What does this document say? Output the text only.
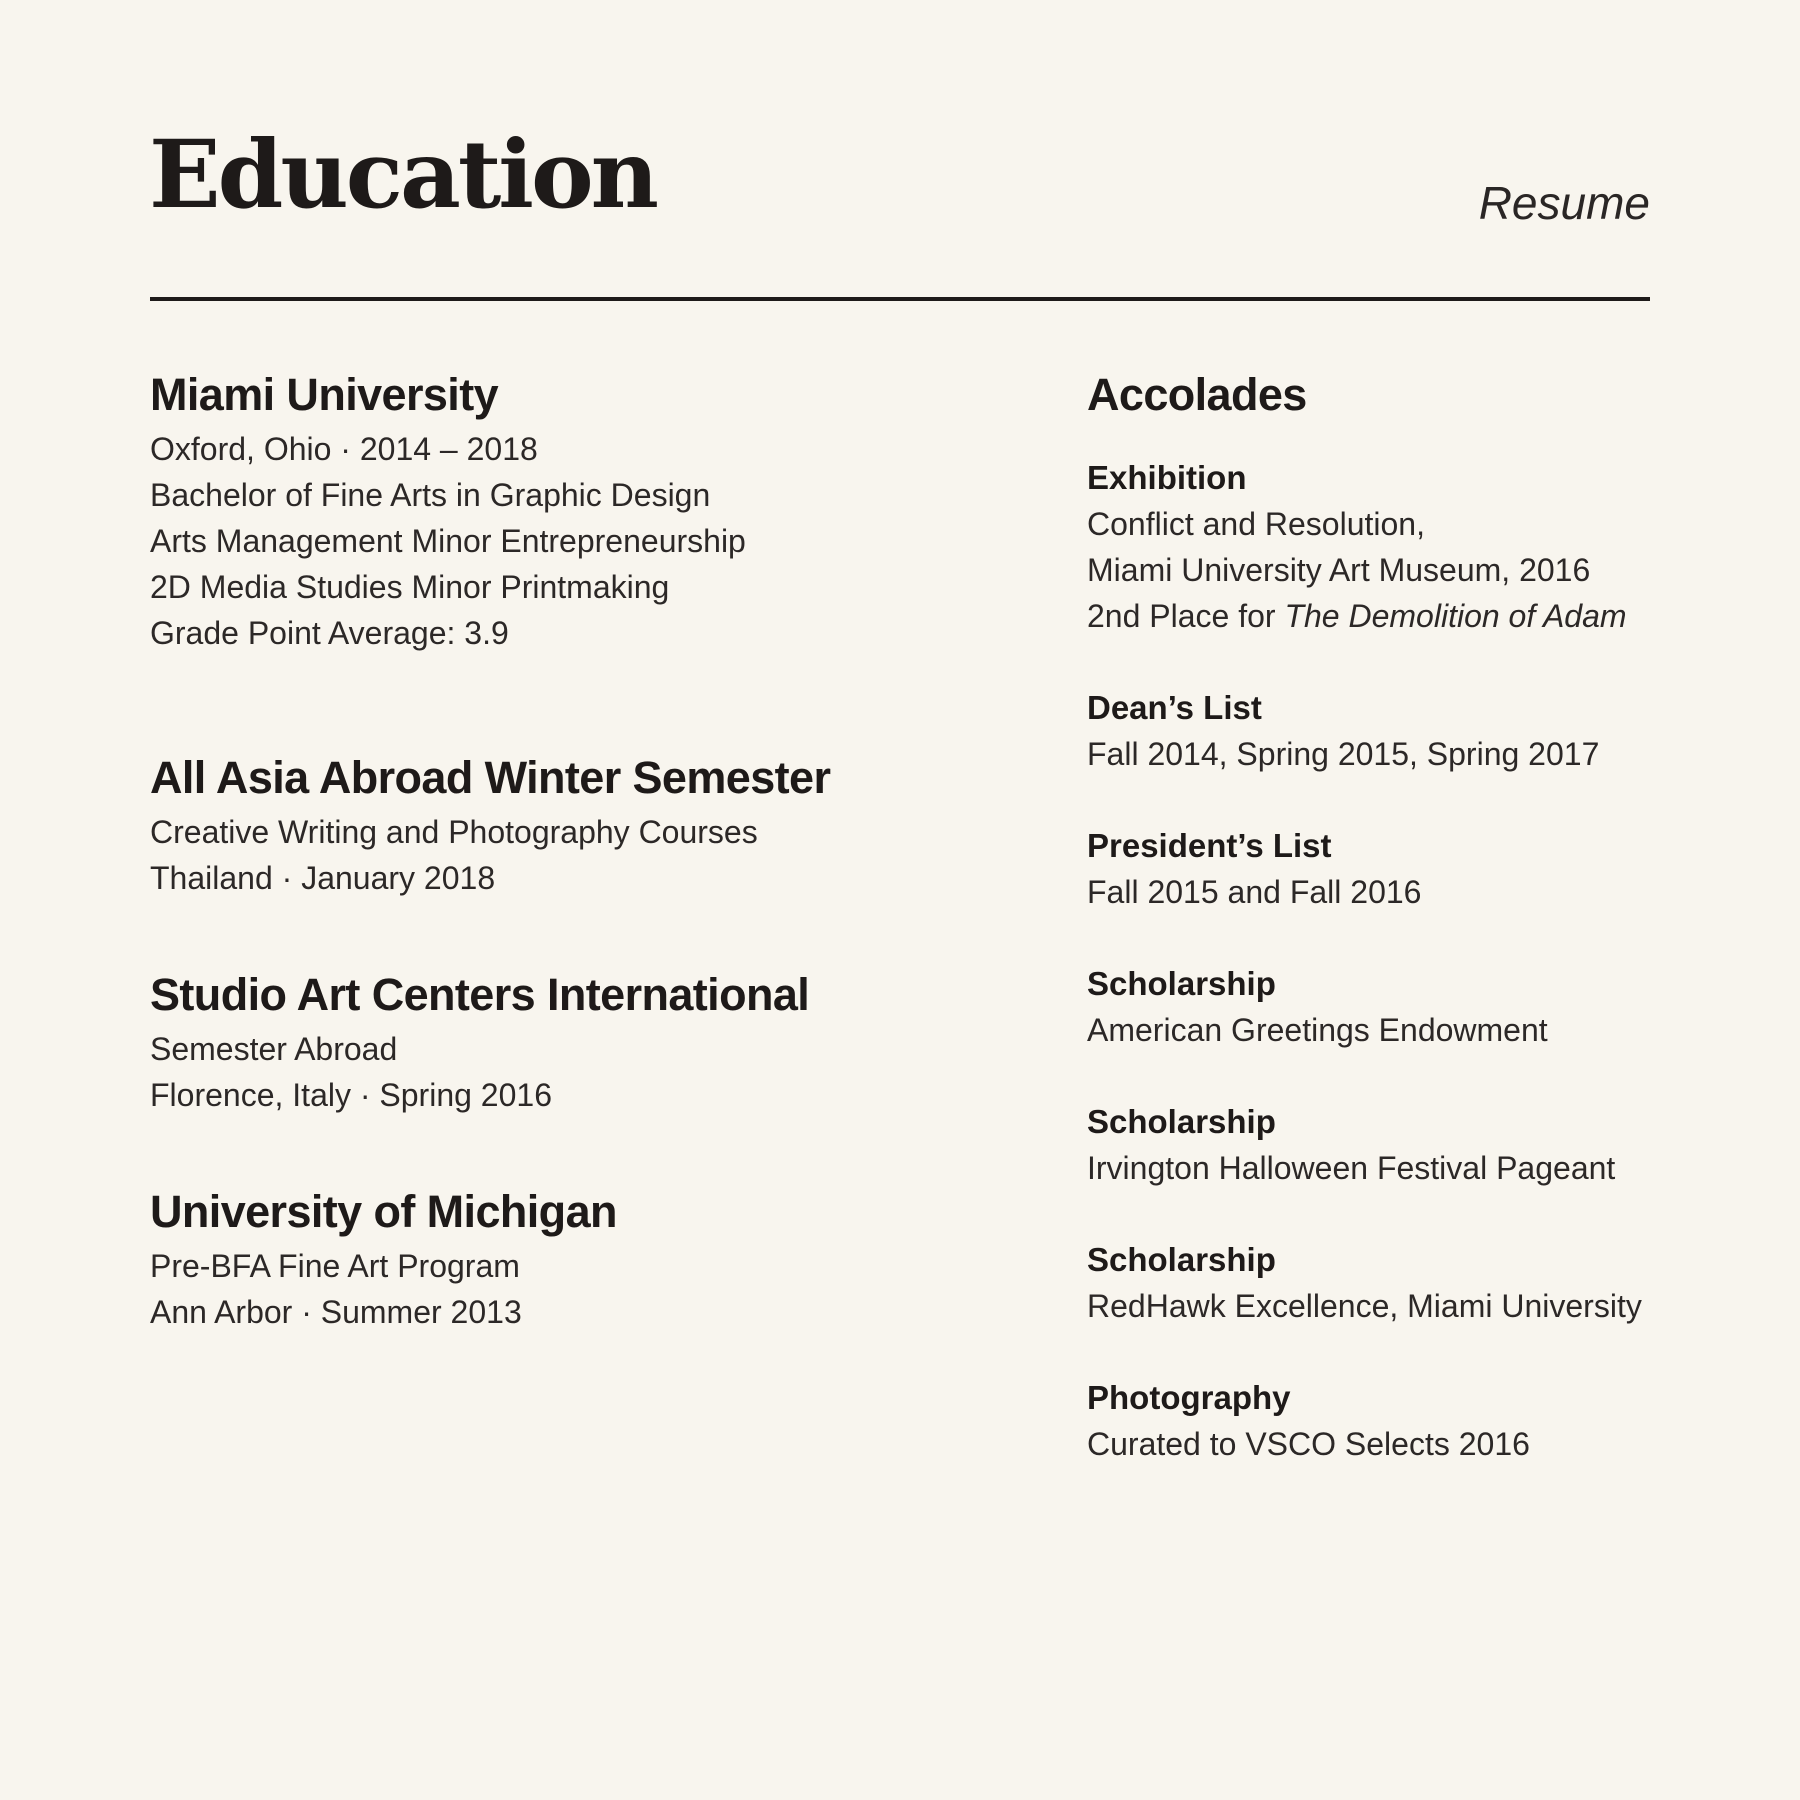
Education	Resume
Miami University

Oxford, Ohio · 2014 – 2018

Bachelor of Fine Arts in Graphic Design

Arts Management Minor Entrepreneurship

2D Media Studies Minor Printmaking

Grade Point Average: 3.9

All Asia Abroad Winter Semester

Creative Writing and Photography Courses

Thailand · January 2018

Studio Art Centers International

Semester Abroad

Florence, Italy · Spring 2016

University of Michigan

Pre-BFA Fine Art Program

Ann Arbor · Summer 2013

Accolades

Exhibition

Conflict and Resolution,

Miami University Art Museum, 2016

2nd Place for The Demolition of Adam

Dean’s List

Fall 2014, Spring 2015, Spring 2017

President’s List

Fall 2015 and Fall 2016

Scholarship

American Greetings Endowment

Scholarship

Irvington Halloween Festival Pageant

Scholarship

RedHawk Excellence, Miami University

Photography

Curated to VSCO Selects 2016
